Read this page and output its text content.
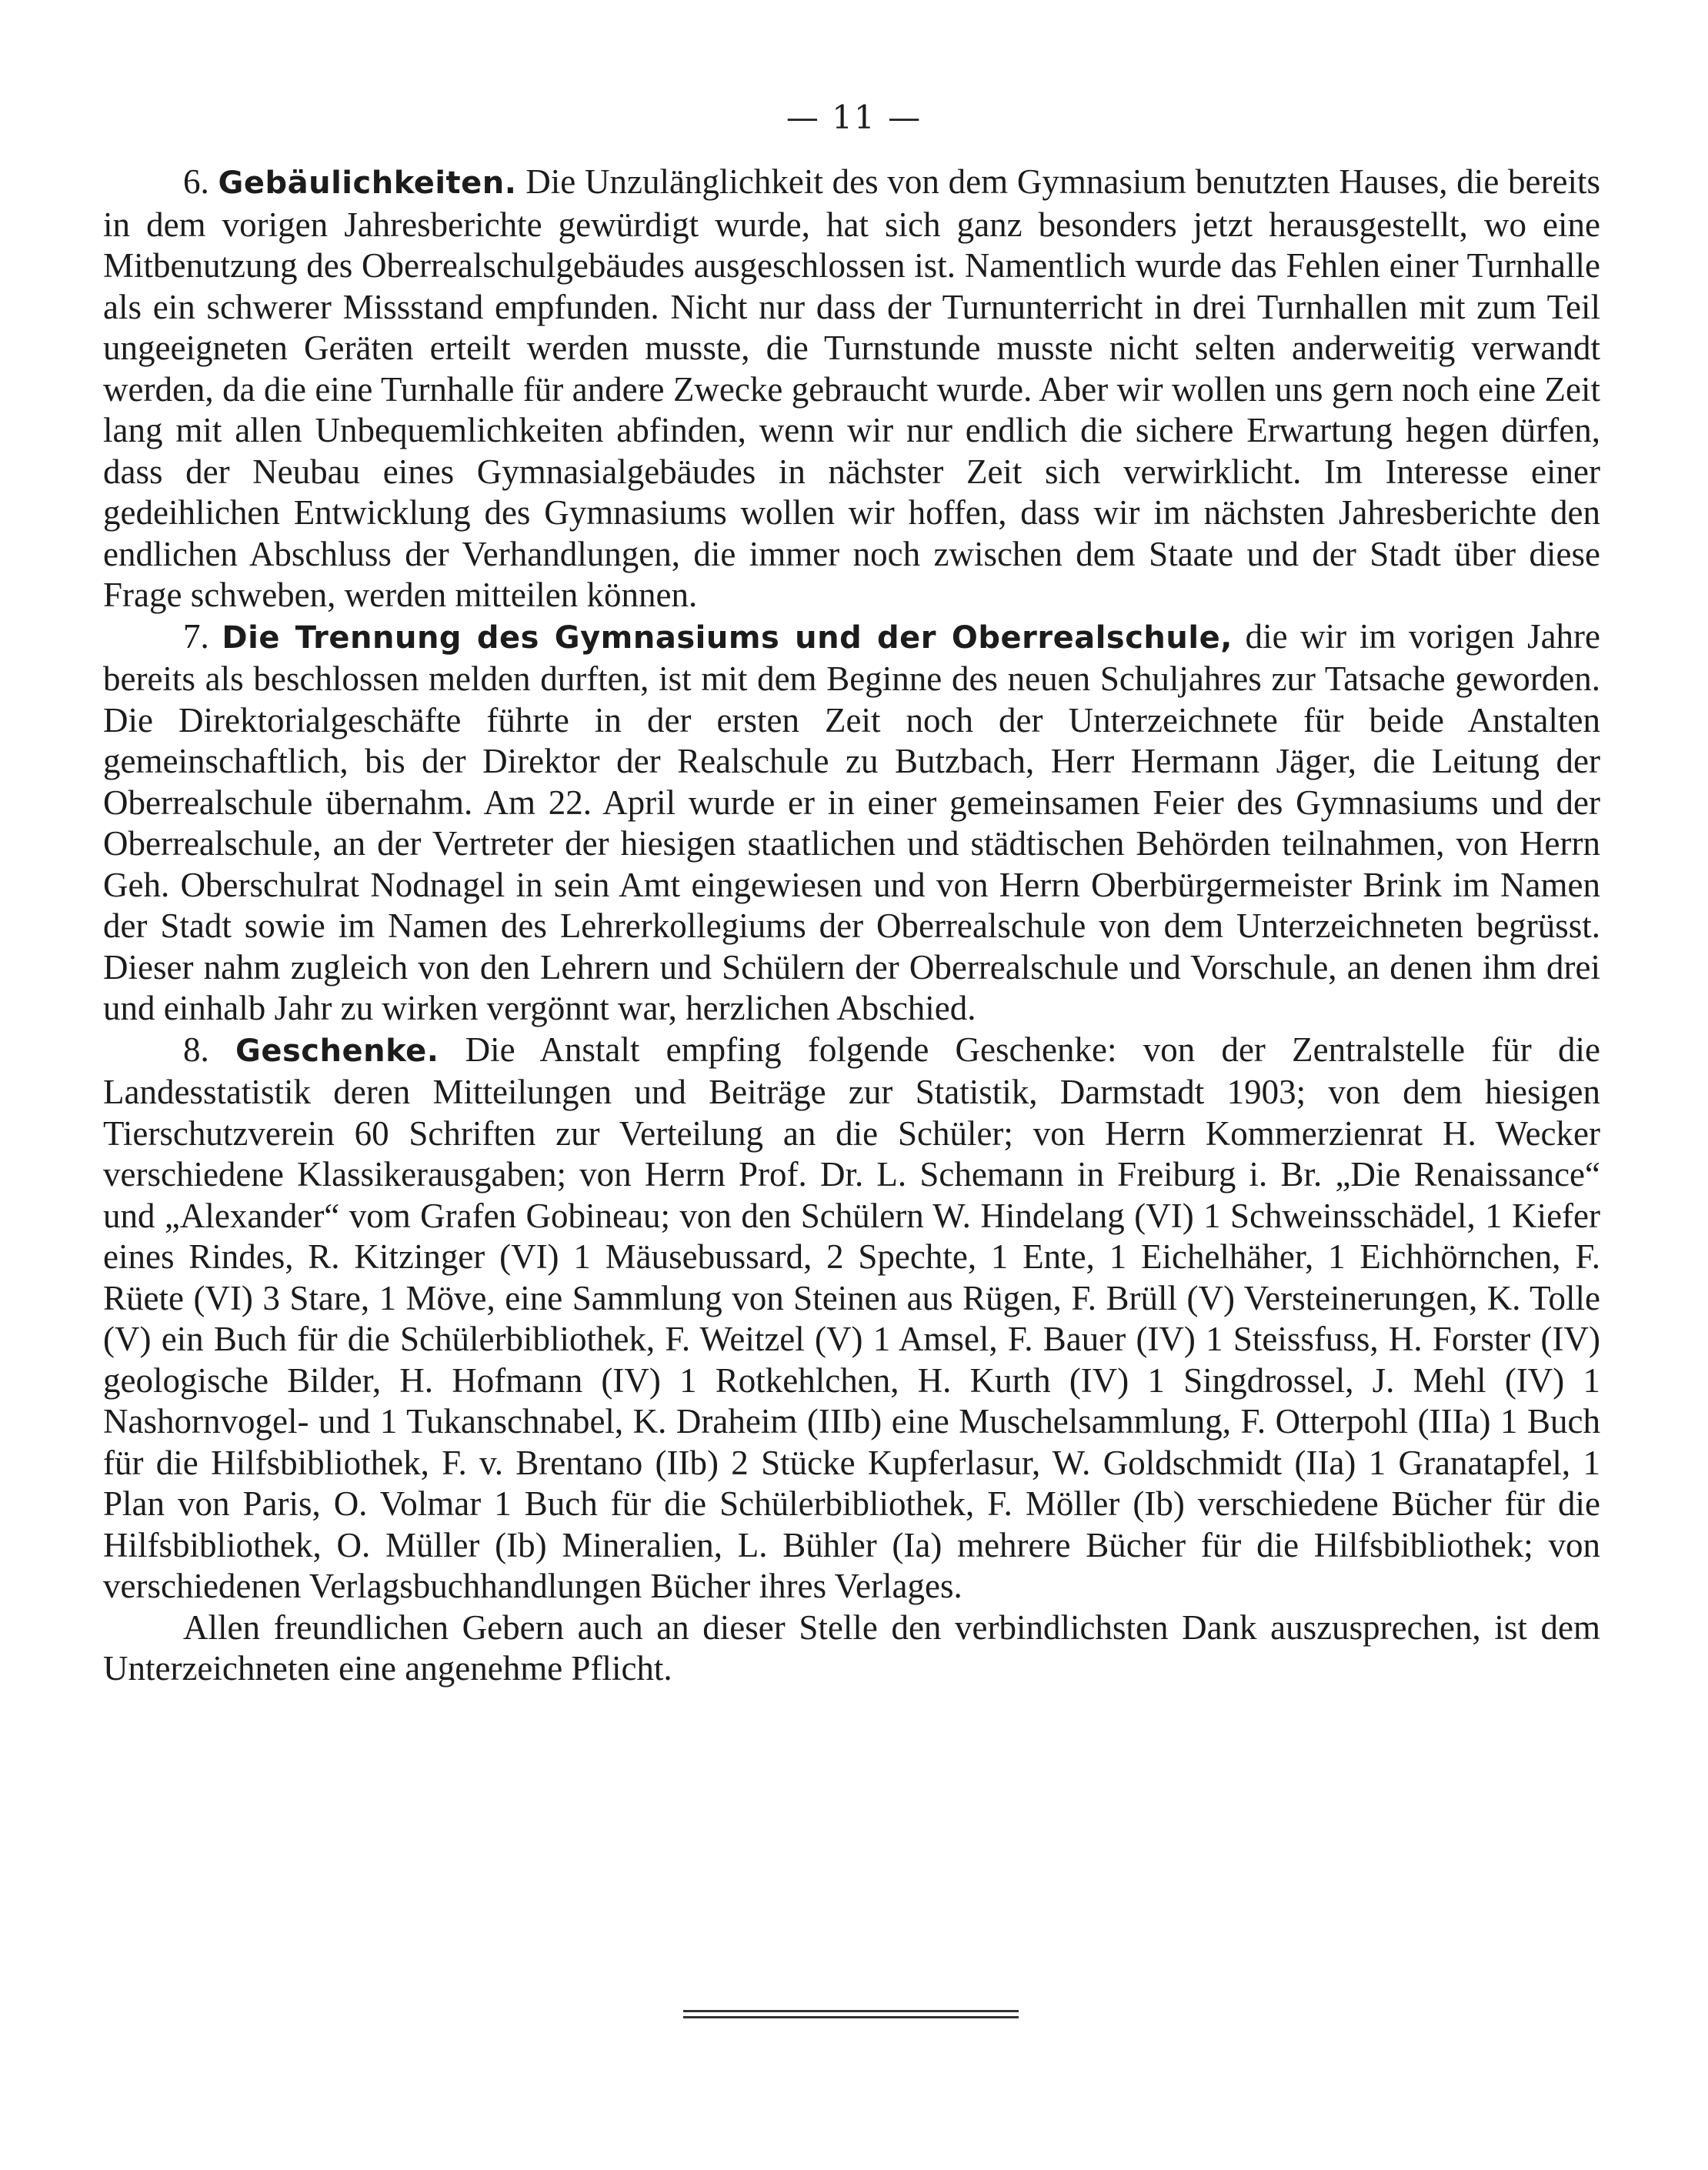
— 11 —

6. Gebäulichkeiten. Die Unzulänglichkeit des von dem Gymnasium benutzten Hauses, die bereits in dem vorigen Jahresberichte gewürdigt wurde, hat sich ganz besonders jetzt herausgestellt, wo eine Mitbenutzung des Oberrealschulgebäudes ausgeschlossen ist. Namentlich wurde das Fehlen einer Turnhalle als ein schwerer Missstand empfunden. Nicht nur dass der Turnunterricht in drei Turnhallen mit zum Teil ungeeigneten Geräten erteilt werden musste, die Turnstunde musste nicht selten anderweitig verwandt werden, da die eine Turnhalle für andere Zwecke gebraucht wurde. Aber wir wollen uns gern noch eine Zeit lang mit allen Unbequemlichkeiten abfinden, wenn wir nur endlich die sichere Erwartung hegen dürfen, dass der Neubau eines Gymnasialgebäudes in nächster Zeit sich verwirklicht. Im Interesse einer gedeihlichen Entwicklung des Gymnasiums wollen wir hoffen, dass wir im nächsten Jahresberichte den endlichen Abschluss der Verhandlungen, die immer noch zwischen dem Staate und der Stadt über diese Frage schweben, werden mitteilen können.

7. Die Trennung des Gymnasiums und der Oberrealschule, die wir im vorigen Jahre bereits als beschlossen melden durften, ist mit dem Beginne des neuen Schuljahres zur Tatsache geworden. Die Direktorialgeschäfte führte in der ersten Zeit noch der Unterzeichnete für beide Anstalten gemeinschaftlich, bis der Direktor der Realschule zu Butzbach, Herr Hermann Jäger, die Leitung der Oberrealschule übernahm. Am 22. April wurde er in einer gemeinsamen Feier des Gymnasiums und der Oberrealschule, an der Vertreter der hiesigen staatlichen und städtischen Behörden teilnahmen, von Herrn Geh. Oberschulrat Nodnagel in sein Amt eingewiesen und von Herrn Oberbürgermeister Brink im Namen der Stadt sowie im Namen des Lehrerkollegiums der Oberrealschule von dem Unterzeichneten begrüsst. Dieser nahm zugleich von den Lehrern und Schülern der Oberrealschule und Vorschule, an denen ihm drei und einhalb Jahr zu wirken vergönnt war, herzlichen Abschied.

8. Geschenke. Die Anstalt empfing folgende Geschenke: von der Zentralstelle für die Landesstatistik deren Mitteilungen und Beiträge zur Statistik, Darmstadt 1903; von dem hiesigen Tierschutzverein 60 Schriften zur Verteilung an die Schüler; von Herrn Kommerzienrat H. Wecker verschiedene Klassikerausgaben; von Herrn Prof. Dr. L. Schemann in Freiburg i. Br. „Die Renaissance“ und „Alexander“ vom Grafen Gobineau; von den Schülern W. Hindelang (VI) 1 Schweinsschädel, 1 Kiefer eines Rindes, R. Kitzinger (VI) 1 Mäusebussard, 2 Spechte, 1 Ente, 1 Eichelhäher, 1 Eichhörnchen, F. Rüete (VI) 3 Stare, 1 Möve, eine Sammlung von Steinen aus Rügen, F. Brüll (V) Versteinerungen, K. Tolle (V) ein Buch für die Schülerbibliothek, F. Weitzel (V) 1 Amsel, F. Bauer (IV) 1 Steissfuss, H. Forster (IV) geologische Bilder, H. Hofmann (IV) 1 Rotkehlchen, H. Kurth (IV) 1 Singdrossel, J. Mehl (IV) 1 Nashornvogel- und 1 Tukanschnabel, K. Draheim (IIIb) eine Muschelsammlung, F. Otterpohl (IIIa) 1 Buch für die Hilfsbibliothek, F. v. Brentano (IIb) 2 Stücke Kupferlasur, W. Goldschmidt (IIa) 1 Granatapfel, 1 Plan von Paris, O. Volmar 1 Buch für die Schülerbibliothek, F. Möller (Ib) verschiedene Bücher für die Hilfsbibliothek, O. Müller (Ib) Mineralien, L. Bühler (Ia) mehrere Bücher für die Hilfsbibliothek; von verschiedenen Verlagsbuchhandlungen Bücher ihres Verlages.

Allen freundlichen Gebern auch an dieser Stelle den verbindlichsten Dank auszusprechen, ist dem Unterzeichneten eine angenehme Pflicht.
